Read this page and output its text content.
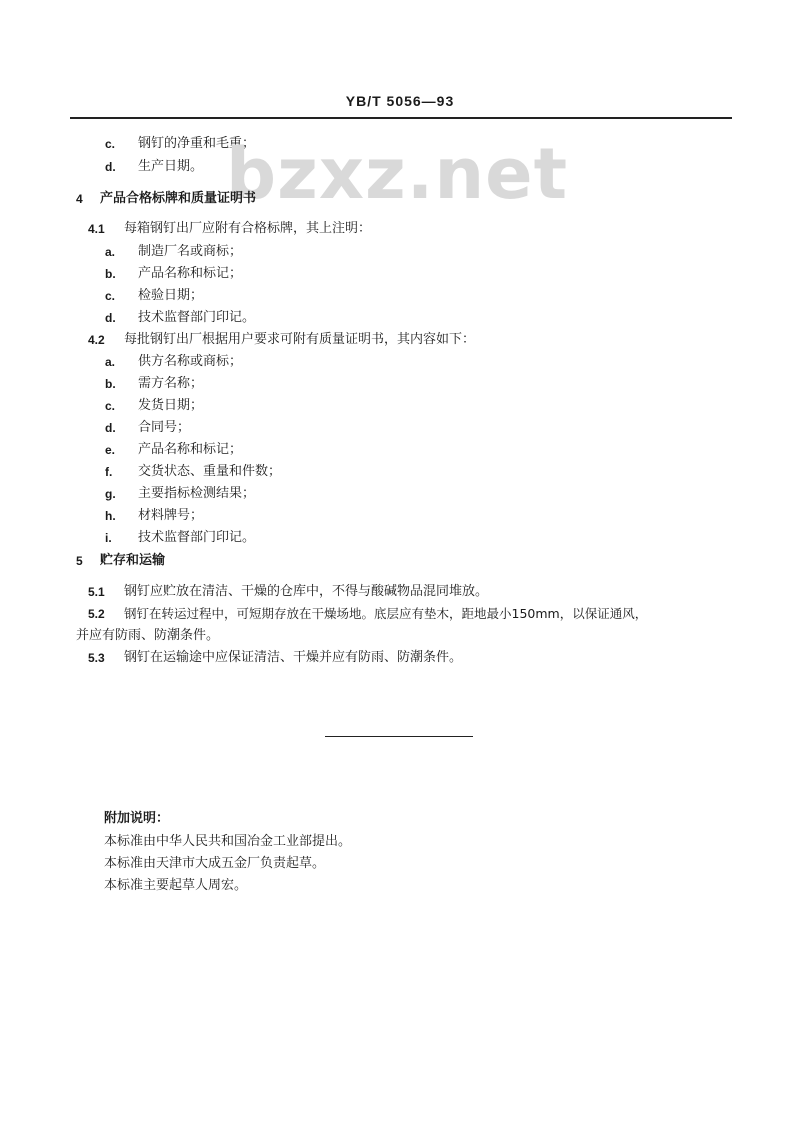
YB/T 5056—93
c. 钢钉的净重和毛重；
d. 生产日期。 bzxz.net
4 产品合格标牌和质量证明书
4.1 每箱钢钉出厂应附有合格标牌，其上注明：
a. 制造厂名或商标；
b. 产品名称和标记；
c. 检验日期；
d. 技术监督部门印记。
4.2 每批钢钉出厂根据用户要求可附有质量证明书，其内容如下：
a. 供方名称或商标；
b. 需方名称；
c. 发货日期；
d. 合同号；
e. 产品名称和标记；
f. 交货状态、重量和件数；
g. 主要指标检测结果；
h. 材料牌号；
i. 技术监督部门印记。
5 贮存和运输
5.1 钢钉应贮放在清洁、干燥的仓库中，不得与酸碱物品混同堆放。
5.2 钢钉在转运过程中，可短期存放在干燥场地。底层应有垫木，距地最小150mm，以保证通风，
并应有防雨、防潮条件。
5.3 钢钉在运输途中应保证清洁、干燥并应有防雨、防潮条件。
附加说明：
本标准由中华人民共和国冶金工业部提出。
本标准由天津市大成五金厂负责起草。
本标准主要起草人周宏。
